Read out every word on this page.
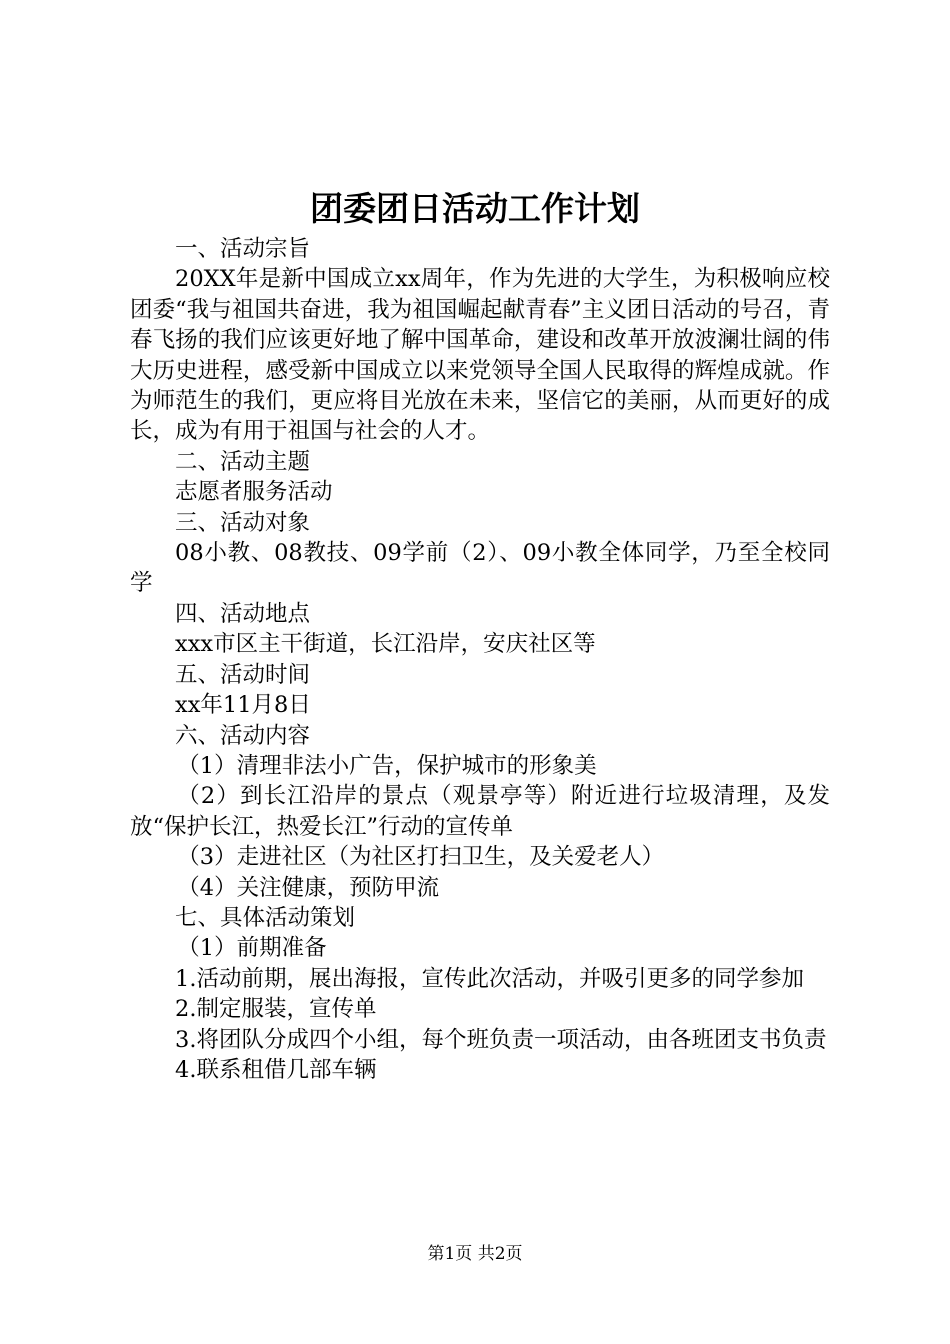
团委团日活动工作计划

一、活动宗旨

20XX年是新中国成立xx周年，作为先进的大学生，为积极响应校团委“我与祖国共奋进，我为祖国崛起献青春”主义团日活动的号召，青春飞扬的我们应该更好地了解中国革命，建设和改革开放波澜壮阔的伟大历史进程，感受新中国成立以来党领导全国人民取得的辉煌成就。作为师范生的我们，更应将目光放在未来，坚信它的美丽，从而更好的成长，成为有用于祖国与社会的人才。

二、活动主题

志愿者服务活动

三、活动对象

08小教、08教技、09学前（2）、09小教全体同学，乃至全校同学

四、活动地点

xxx市区主干街道，长江沿岸，安庆社区等

五、活动时间

xx年11月8日

六、活动内容

（1）清理非法小广告，保护城市的形象美

（2）到长江沿岸的景点（观景亭等）附近进行垃圾清理，及发放“保护长江，热爱长江”行动的宣传单

（3）走进社区（为社区打扫卫生，及关爱老人）

（4）关注健康，预防甲流

七、具体活动策划

（1）前期准备

1.活动前期，展出海报，宣传此次活动，并吸引更多的同学参加

2.制定服装，宣传单

3.将团队分成四个小组，每个班负责一项活动，由各班团支书负责

4.联系租借几部车辆

第1页 共2页
